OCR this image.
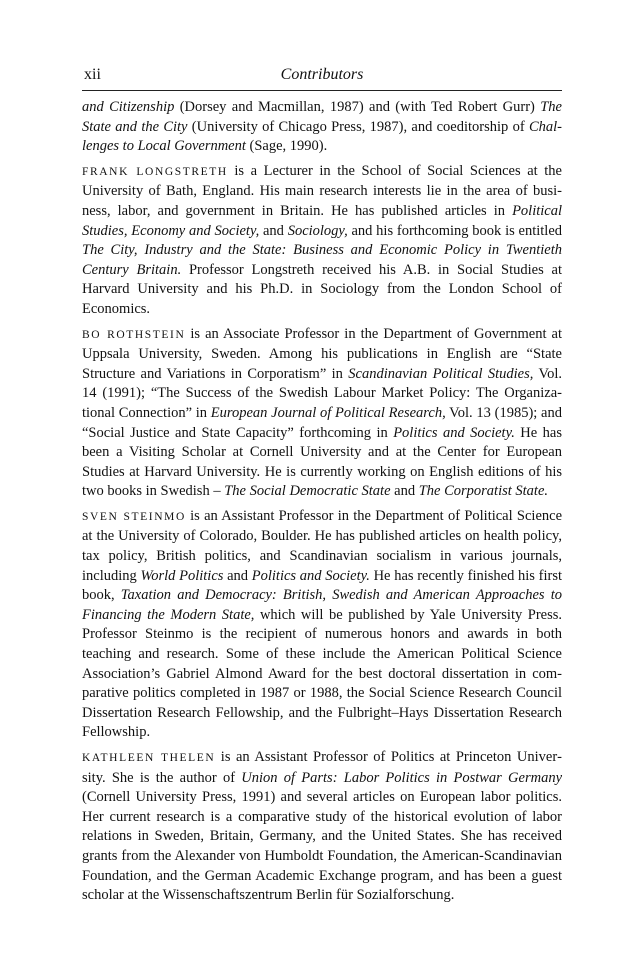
xii	Contributors

and Citizenship (Dorsey and Macmillan, 1987) and (with Ted Robert Gurr) The State and the City (University of Chicago Press, 1987), and coeditorship of Challenges to Local Government (Sage, 1990).

FRANK LONGSTRETH is a Lecturer in the School of Social Sciences at the University of Bath, England. His main research interests lie in the area of business, labor, and government in Britain. He has published articles in Political Studies, Economy and Society, and Sociology, and his forthcoming book is entitled The City, Industry and the State: Business and Economic Policy in Twentieth Century Britain. Professor Longstreth received his A.B. in Social Studies at Harvard University and his Ph.D. in Sociology from the London School of Economics.

BO ROTHSTEIN is an Associate Professor in the Department of Government at Uppsala University, Sweden. Among his publications in English are “State Structure and Variations in Corporatism” in Scandinavian Political Studies, Vol. 14 (1991); “The Success of the Swedish Labour Market Policy: The Organizational Connection” in European Journal of Political Research, Vol. 13 (1985); and “Social Justice and State Capacity” forthcoming in Politics and Society. He has been a Visiting Scholar at Cornell University and at the Center for European Studies at Harvard University. He is currently working on English editions of his two books in Swedish – The Social Democratic State and The Corporatist State.

SVEN STEINMO is an Assistant Professor in the Department of Political Science at the University of Colorado, Boulder. He has published articles on health policy, tax policy, British politics, and Scandinavian socialism in various journals, including World Politics and Politics and Society. He has recently finished his first book, Taxation and Democracy: British, Swedish and American Approaches to Financing the Modern State, which will be published by Yale University Press. Professor Steinmo is the recipient of numerous honors and awards in both teaching and research. Some of these include the American Political Science Association’s Gabriel Almond Award for the best doctoral dissertation in comparative politics completed in 1987 or 1988, the Social Science Research Council Dissertation Research Fellowship, and the Fulbright–Hays Dissertation Research Fellowship.

KATHLEEN THELEN is an Assistant Professor of Politics at Princeton University. She is the author of Union of Parts: Labor Politics in Postwar Germany (Cornell University Press, 1991) and several articles on European labor politics. Her current research is a comparative study of the historical evolution of labor relations in Sweden, Britain, Germany, and the United States. She has received grants from the Alexander von Humboldt Foundation, the American-Scandinavian Foundation, and the German Academic Exchange program, and has been a guest scholar at the Wissenschaftszentrum Berlin für Sozialforschung.
